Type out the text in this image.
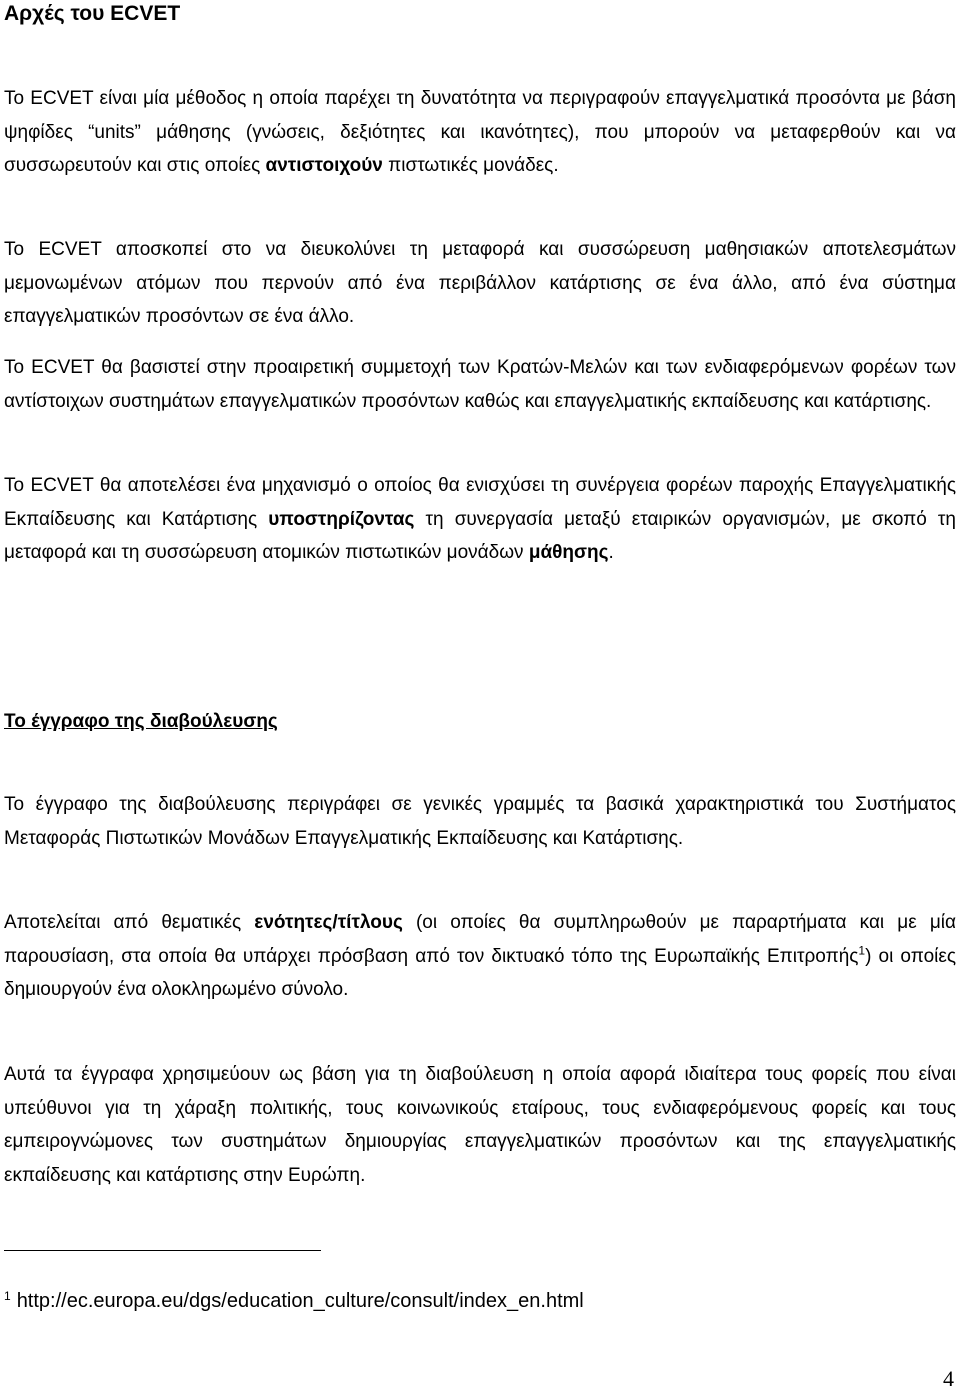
Αρχές του ECVET
Το ECVET είναι μία μέθοδος η οποία παρέχει τη δυνατότητα να περιγραφούν επαγγελματικά προσόντα με βάση ψηφίδες “units” μάθησης (γνώσεις, δεξιότητες και ικανότητες), που μπορούν να μεταφερθούν και να συσσωρευτούν και στις οποίες αντιστοιχούν πιστωτικές μονάδες.
Το ECVET αποσκοπεί στο να διευκολύνει τη μεταφορά και συσσώρευση μαθησιακών αποτελεσμάτων μεμονωμένων ατόμων που περνούν από ένα περιβάλλον κατάρτισης σε ένα άλλο, από ένα σύστημα επαγγελματικών προσόντων σε ένα άλλο.
Το ECVET θα βασιστεί στην προαιρετική συμμετοχή των Κρατών-Μελών και των ενδιαφερόμενων φορέων των αντίστοιχων συστημάτων επαγγελματικών προσόντων καθώς και επαγγελματικής εκπαίδευσης και κατάρτισης.
Το ECVET θα αποτελέσει ένα μηχανισμό ο οποίος θα ενισχύσει τη συνέργεια φορέων παροχής Επαγγελματικής Εκπαίδευσης και Κατάρτισης υποστηρίζοντας τη συνεργασία μεταξύ εταιρικών οργανισμών, με σκοπό τη μεταφορά και τη συσσώρευση ατομικών πιστωτικών μονάδων μάθησης.
Το έγγραφο της διαβούλευσης
Το έγγραφο της διαβούλευσης περιγράφει σε γενικές γραμμές τα βασικά χαρακτηριστικά του Συστήματος Μεταφοράς Πιστωτικών Μονάδων Επαγγελματικής Εκπαίδευσης και Κατάρτισης.
Αποτελείται από θεματικές ενότητες/τίτλους (οι οποίες θα συμπληρωθούν με παραρτήματα και με μία παρουσίαση, στα οποία θα υπάρχει πρόσβαση από τον δικτυακό τόπο της Ευρωπαϊκής Επιτροπής$^1$) οι οποίες δημιουργούν ένα ολοκληρωμένο σύνολο.
Αυτά τα έγγραφα χρησιμεύουν ως βάση για τη διαβούλευση η οποία αφορά ιδιαίτερα τους φορείς που είναι υπεύθυνοι για τη χάραξη πολιτικής, τους κοινωνικούς εταίρους, τους ενδιαφερόμενους φορείς και τους εμπειρογνώμονες των συστημάτων δημιουργίας επαγγελματικών προσόντων και της επαγγελματικής εκπαίδευσης και κατάρτισης στην Ευρώπη.
$^1$ http://ec.europa.eu/dgs/education_culture/consult/index_en.html
4
